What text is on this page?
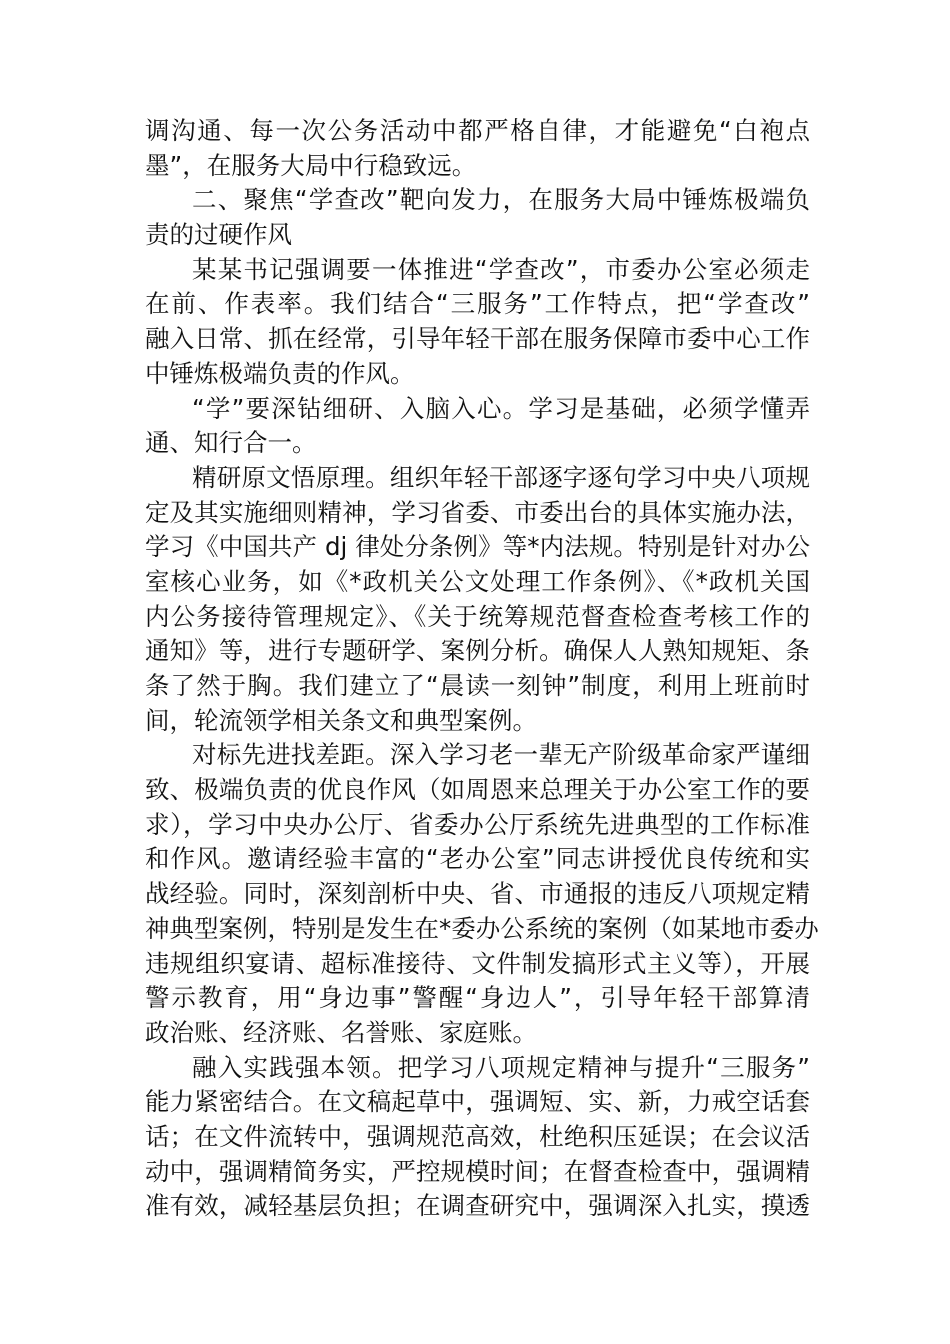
调沟通、每一次公务活动中都严格自律，才能避免“白袍点
墨”，在服务大局中行稳致远。
二、聚焦“学查改”靶向发力，在服务大局中锤炼极端负
责的过硬作风
某某书记强调要一体推进“学查改”，市委办公室必须走
在前、作表率。我们结合“三服务”工作特点，把“学查改”
融入日常、抓在经常，引导年轻干部在服务保障市委中心工作
中锤炼极端负责的作风。
“学”要深钻细研、入脑入心。学习是基础，必须学懂弄
通、知行合一。
精研原文悟原理。组织年轻干部逐字逐句学习中央八项规
定及其实施细则精神，学习省委、市委出台的具体实施办法，
学习《中国共产 dj 律处分条例》等*内法规。特别是针对办公
室核心业务，如《*政机关公文处理工作条例》、《*政机关国
内公务接待管理规定》、《关于统筹规范督查检查考核工作的
通知》等，进行专题研学、案例分析。确保人人熟知规矩、条
条了然于胸。我们建立了“晨读一刻钟”制度，利用上班前时
间，轮流领学相关条文和典型案例。
对标先进找差距。深入学习老一辈无产阶级革命家严谨细
致、极端负责的优良作风（如周恩来总理关于办公室工作的要
求），学习中央办公厅、省委办公厅系统先进典型的工作标准
和作风。邀请经验丰富的“老办公室”同志讲授优良传统和实
战经验。同时，深刻剖析中央、省、市通报的违反八项规定精
神典型案例，特别是发生在*委办公系统的案例（如某地市委办
违规组织宴请、超标准接待、文件制发搞形式主义等），开展
警示教育，用“身边事”警醒“身边人”，引导年轻干部算清
政治账、经济账、名誉账、家庭账。
融入实践强本领。把学习八项规定精神与提升“三服务”
能力紧密结合。在文稿起草中，强调短、实、新，力戒空话套
话；在文件流转中，强调规范高效，杜绝积压延误；在会议活
动中，强调精简务实，严控规模时间；在督查检查中，强调精
准有效，减轻基层负担；在调查研究中，强调深入扎实，摸透
